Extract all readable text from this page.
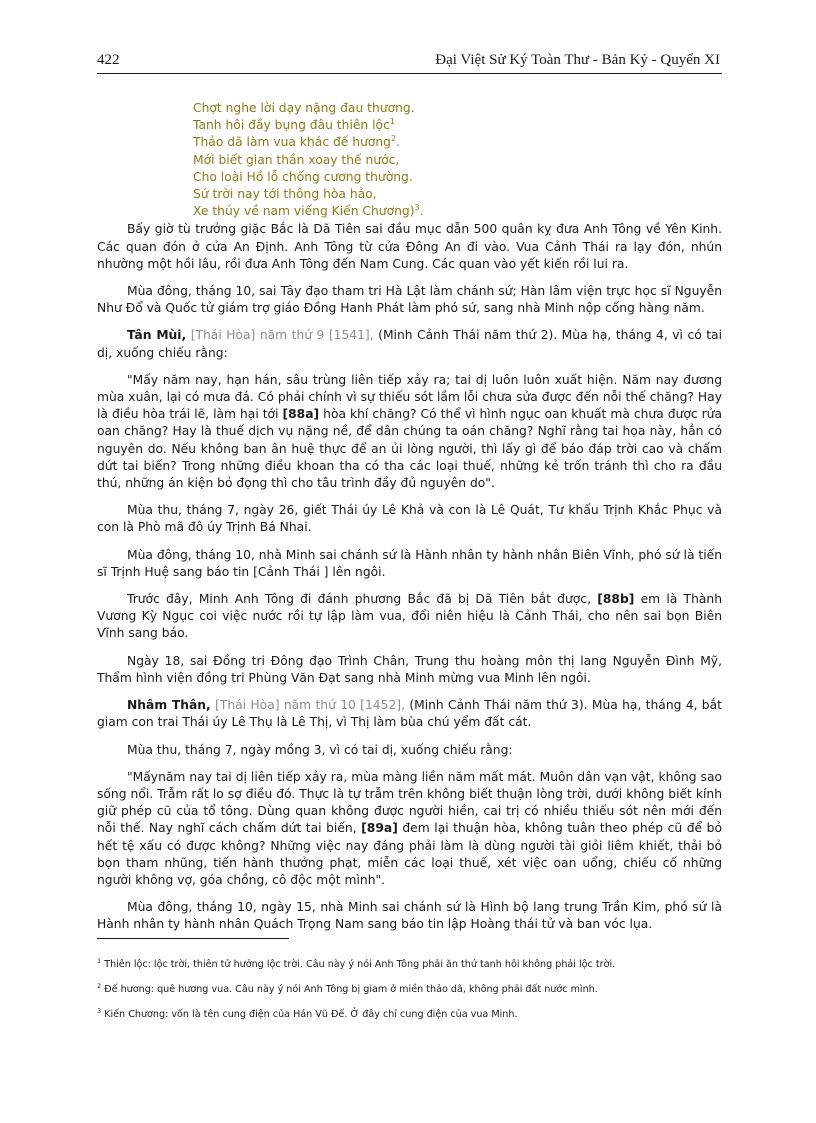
422	Đại Việt Sử Ký Toàn Thư - Bản Kỷ - Quyển XI
Chợt nghe lời dạy nặng đau thương.
Tanh hôi đầy bụng đâu thiên lộc$^1$
Thảo dã làm vua khác đế hương$^2$.
Mới biết gian thần xoay thế nước,
Cho loài Hồ lỗ chống cương thường.
Sứ trời nay tới thông hòa hảo,
Xe thúy về nam viếng Kiến Chương)$^3$.

Bấy giờ tù trưởng giặc Bắc là Dã Tiên sai đầu mục dẫn 500 quân kỵ đưa Anh Tông về Yên Kinh. Các quan đón ở cửa An Định. Anh Tông từ cửa Đông An đi vào. Vua Cảnh Thái ra lạy đón, nhún nhường một hồi lâu, rồi đưa Anh Tông đến Nam Cung. Các quan vào yết kiến rồi lui ra.

Mùa đông, tháng 10, sai Tây đạo tham tri Hà Lật làm chánh sứ; Hàn lâm viện trực học sĩ Nguyễn Như Đổ và Quốc tử giám trợ giáo Đồng Hanh Phát làm phó sứ, sang nhà Minh nộp cống hàng năm.

Tân Mùi, [Thái Hòa] năm thứ 9 [1541], (Minh Cảnh Thái năm thứ 2). Mùa hạ, tháng 4, vì có tai dị, xuống chiếu rằng:

"Mấy năm nay, hạn hán, sâu trùng liên tiếp xảy ra; tai dị luôn luôn xuất hiện. Năm nay đương mùa xuân, lại có mưa đá. Có phải chính vì sự thiếu sót lầm lỗi chưa sửa được đến nỗi thế chăng? Hay là điều hòa trái lẽ, làm hại tới [88a] hòa khí chăng? Có thể vì hình ngục oan khuất mà chưa được rửa oan chăng? Hay là thuế dịch vụ nặng nề, để dân chúng ta oán chăng? Nghĩ rằng tai họa này, hẳn có nguyên do. Nếu không ban ân huệ thực để an ủi lòng người, thì lấy gì để báo đáp trời cao và chấm dứt tai biến? Trong những điều khoan tha có tha các loại thuế, những kẻ trốn tránh thì cho ra đầu thú, những án kiện bỏ đọng thì cho tâu trình đầy đủ nguyên do".

Mùa thu, tháng 7, ngày 26, giết Thái úy Lê Khả và con là Lê Quát, Tư khấu Trịnh Khắc Phục và con là Phò mã đô úy Trịnh Bá Nhai.

Mùa đông, tháng 10, nhà Minh sai chánh sứ là Hành nhân ty hành nhân Biên Vĩnh, phó sứ là tiến sĩ Trịnh Huệ sang báo tin [Cảnh Thái ] lên ngôi.

Trước đây, Minh Anh Tông đi đánh phương Bắc đã bị Dã Tiên bắt được, [88b] em là Thành Vương Kỳ Ngục coi việc nước rồi tự lập làm vua, đổi niên hiệu là Cảnh Thái, cho nên sai bọn Biên Vĩnh sang báo.

Ngày 18, sai Đồng tri Đông đạo Trình Chân, Trung thu hoàng môn thị lang Nguyễn Đình Mỹ, Thẩm hình viện đồng tri Phùng Văn Đạt sang nhà Minh mừng vua Minh lên ngôi.

Nhâm Thân, [Thái Hòa] năm thứ 10 [1452], (Minh Cảnh Thái năm thứ 3). Mùa hạ, tháng 4, bắt giam con trai Thái úy Lê Thụ là Lê Thị, vì Thị làm bùa chú yểm đất cát.

Mùa thu, tháng 7, ngày mồng 3, vì có tai dị, xuống chiếu rằng:

"Mấynăm nay tai dị liên tiếp xảy ra, mùa màng liền năm mất mát. Muôn dân vạn vật, không sao sống nổi. Trẫm rất lo sợ điều đó. Thực là tự trẫm trên không biết thuận lòng trời, dưới không biết kính giữ phép cũ của tổ tông. Dùng quan không được người hiền, cai trị có nhiều thiếu sót nên mới đến nỗi thế. Nay nghĩ cách chấm dứt tai biến, [89a] đem lại thuận hòa, không tuân theo phép cũ để bỏ hết tệ xấu có được không? Những việc nay đáng phải làm là dùng người tài giỏi liêm khiết, thải bỏ bọn tham nhũng, tiến hành thưởng phạt, miễn các loại thuế, xét việc oan uổng, chiếu cố những người không vợ, góa chồng, cô độc một mình".

Mùa đông, tháng 10, ngày 15, nhà Minh sai chánh sứ là Hình bộ lang trung Trần Kim, phó sứ là Hành nhân ty hành nhân Quách Trọng Nam sang báo tin lập Hoàng thái tử và ban vóc lụa.

$^1$ Thiên lộc: lộc trời, thiên tử hưởng lộc trời. Câu này ý nói Anh Tông phải ăn thứ tanh hôi không phải lộc trời.
$^2$ Đế hương: quê hương vua. Câu này ý nói Anh Tông bị giam ở miền thảo dã, không phải đất nước mình.
$^3$ Kiến Chương: vốn là tên cung điện của Hán Vũ Đế. Ở đây chỉ cung điện của vua Minh.
